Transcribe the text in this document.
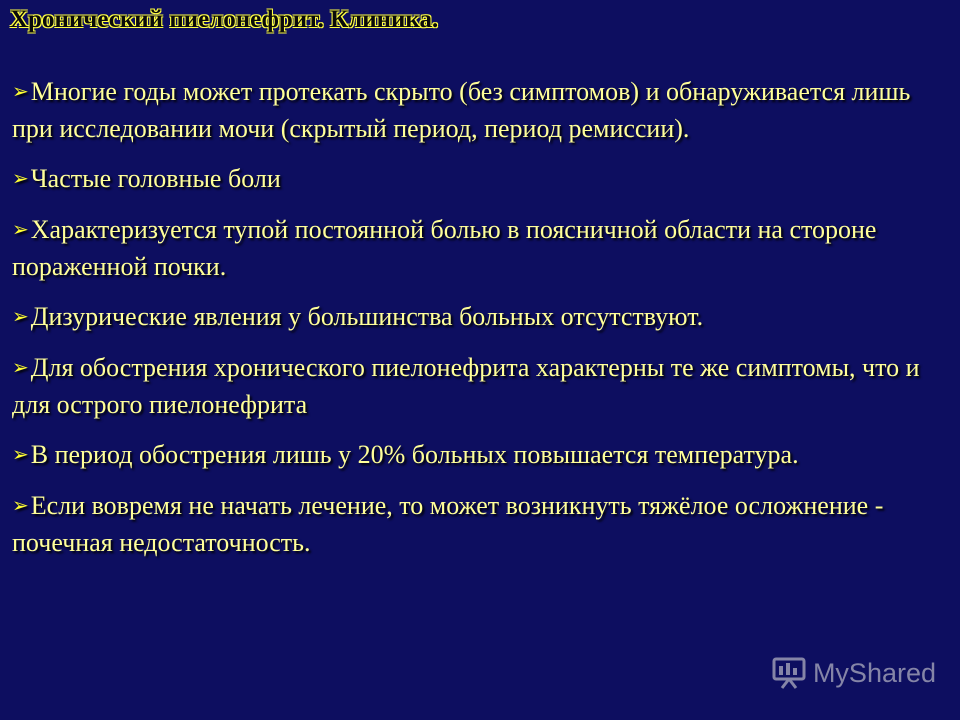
Хронический пиелонефрит. Клиника.
➢Многие годы может протекать скрыто (без симптомов) и обнаруживается лишь при исследовании мочи (скрытый период, период ремиссии).
➢Частые головные боли
➢Характеризуется тупой постоянной болью в поясничной области на стороне пораженной почки.
➢Дизурические явления у большинства больных отсутствуют.
➢Для обострения хронического пиелонефрита характерны те же симптомы, что и для острого пиелонефрита
➢В период обострения лишь у 20% больных повышается температура.
➢Если вовремя не начать лечение, то может возникнуть тяжёлое осложнение - почечная недостаточность.
MyShared
